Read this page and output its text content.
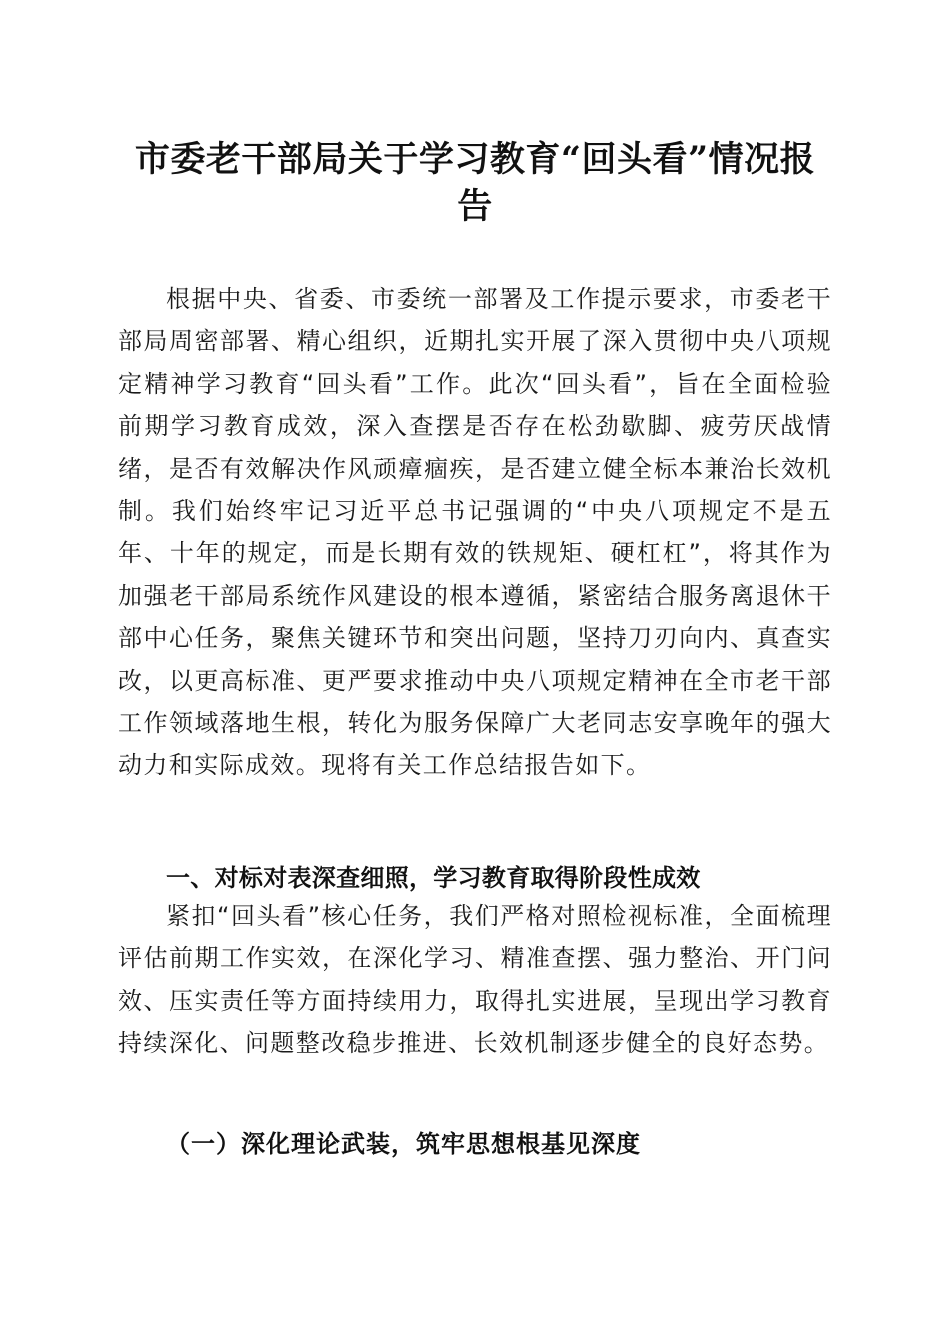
市委老干部局关于学习教育“回头看”情况报告

根据中央、省委、市委统一部署及工作提示要求，市委老干部局周密部署、精心组织，近期扎实开展了深入贯彻中央八项规定精神学习教育“回头看”工作。此次“回头看”，旨在全面检验前期学习教育成效，深入查摆是否存在松劲歇脚、疲劳厌战情绪，是否有效解决作风顽瘴痼疾，是否建立健全标本兼治长效机制。我们始终牢记习近平总书记强调的“中央八项规定不是五年、十年的规定，而是长期有效的铁规矩、硬杠杠”，将其作为加强老干部局系统作风建设的根本遵循，紧密结合服务离退休干部中心任务，聚焦关键环节和突出问题，坚持刀刃向内、真查实改，以更高标准、更严要求推动中央八项规定精神在全市老干部工作领域落地生根，转化为服务保障广大老同志安享晚年的强大动力和实际成效。现将有关工作总结报告如下。

一、对标对表深查细照，学习教育取得阶段性成效

紧扣“回头看”核心任务，我们严格对照检视标准，全面梳理评估前期工作实效，在深化学习、精准查摆、强力整治、开门问效、压实责任等方面持续用力，取得扎实进展，呈现出学习教育持续深化、问题整改稳步推进、长效机制逐步健全的良好态势。

（一）深化理论武装，筑牢思想根基见深度
